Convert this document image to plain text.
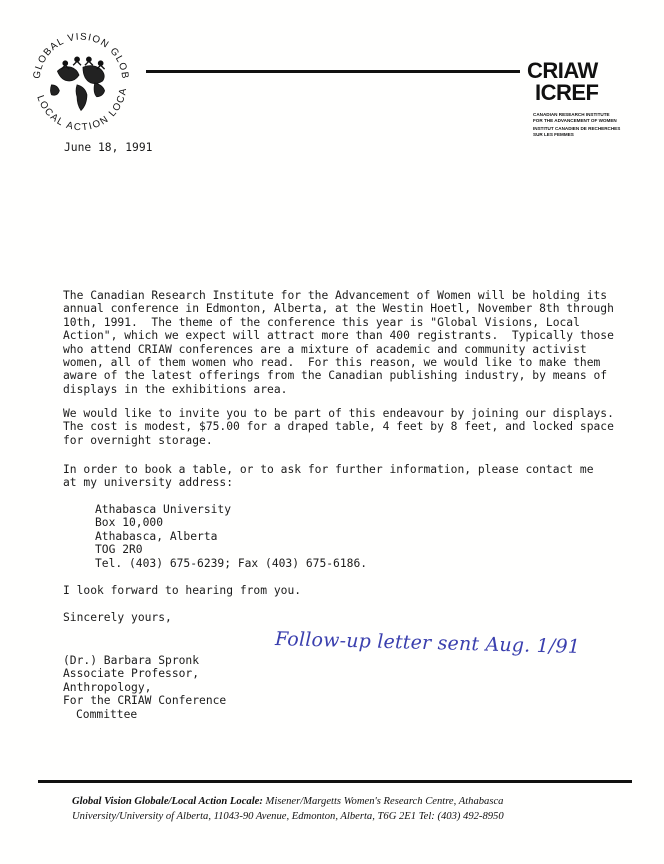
GLOBAL VISION GLOB
LOCAL ACTION LOCA
CRIAW
ICREF
CANADIAN RESEARCH INSTITUTE
FOR THE ADVANCEMENT OF WOMEN
INSTITUT CANADIEN DE RECHERCHES
SUR LES FEMMES
June 18, 1991
The Canadian Research Institute for the Advancement of Women will be holding its
annual conference in Edmonton, Alberta, at the Westin Hoetl, November 8th through
10th, 1991.  The theme of the conference this year is "Global Visions, Local
Action", which we expect will attract more than 400 registrants.  Typically those
who attend CRIAW conferences are a mixture of academic and community activist
women, all of them women who read.  For this reason, we would like to make them
aware of the latest offerings from the Canadian publishing industry, by means of
displays in the exhibitions area.
We would like to invite you to be part of this endeavour by joining our displays.
The cost is modest, $75.00 for a draped table, 4 feet by 8 feet, and locked space
for overnight storage.
In order to book a table, or to ask for further information, please contact me
at my university address:
Athabasca University
Box 10,000
Athabasca, Alberta
TOG 2R0
Tel. (403) 675-6239; Fax (403) 675-6186.
I look forward to hearing from you.
Sincerely yours,
Follow-up letter sent Aug. 1/91
(Dr.) Barbara Spronk
Associate Professor,
Anthropology,
For the CRIAW Conference
Committee
Global Vision Globale/Local Action Locale: Misener/Margetts Women's Research Centre, Athabasca
University/University of Alberta, 11043-90 Avenue, Edmonton, Alberta, T6G 2E1 Tel: (403) 492-8950
